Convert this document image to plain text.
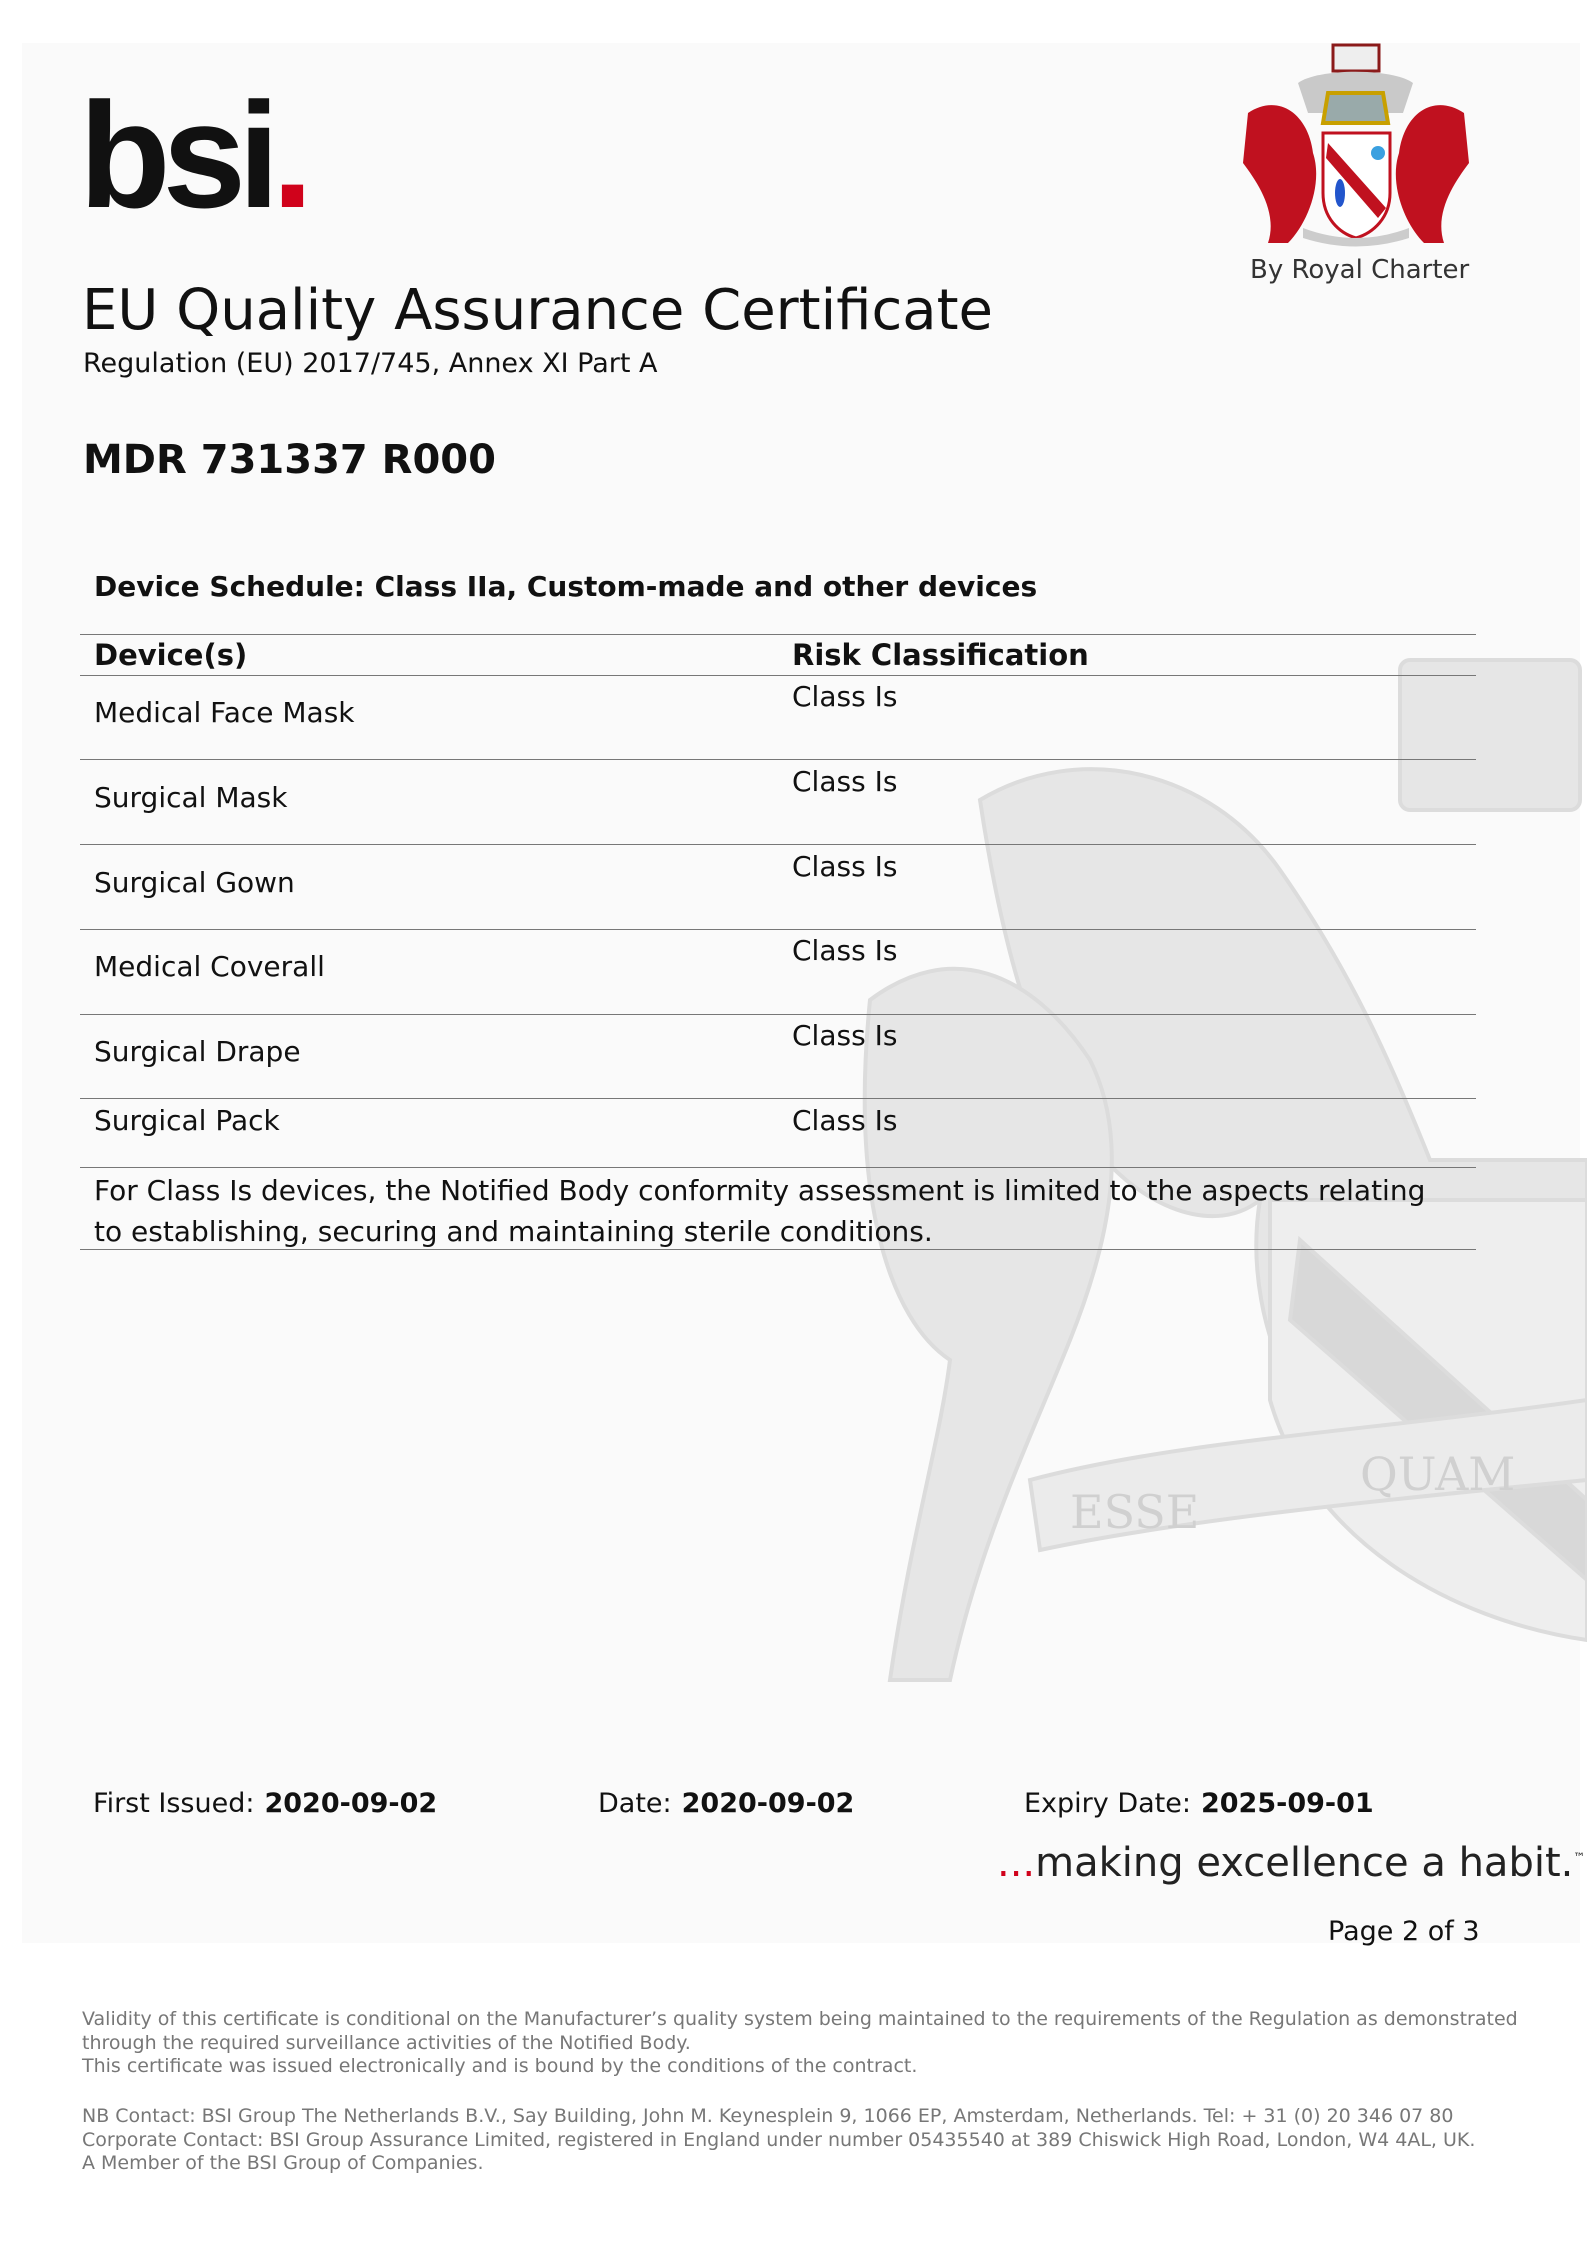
ESSE
QUAM
bsi.
By Royal Charter
EU Quality Assurance Certificate
Regulation (EU) 2017/745, Annex XI Part A
MDR 731337 R000
Device Schedule: Class IIa, Custom-made and other devices
Device(s)	Risk Classification
Medical Face Mask	Class Is
Surgical Mask	Class Is
Surgical Gown	Class Is
Medical Coverall	Class Is
Surgical Drape	Class Is
Surgical Pack	Class Is
For Class Is devices, the Notified Body conformity assessment is limited to the aspects relating to establishing, securing and maintaining sterile conditions.
First Issued: 2020-09-02	Date: 2020-09-02	Expiry Date: 2025-09-01
...making excellence a habit.™
Page 2 of 3
Validity of this certificate is conditional on the Manufacturer’s quality system being maintained to the requirements of the Regulation as demonstrated
through the required surveillance activities of the Notified Body.
This certificate was issued electronically and is bound by the conditions of the contract.
NB Contact: BSI Group The Netherlands B.V., Say Building, John M. Keynesplein 9, 1066 EP, Amsterdam, Netherlands. Tel: + 31 (0) 20 346 07 80
Corporate Contact: BSI Group Assurance Limited, registered in England under number 05435540 at 389 Chiswick High Road, London, W4 4AL, UK.
A Member of the BSI Group of Companies.
